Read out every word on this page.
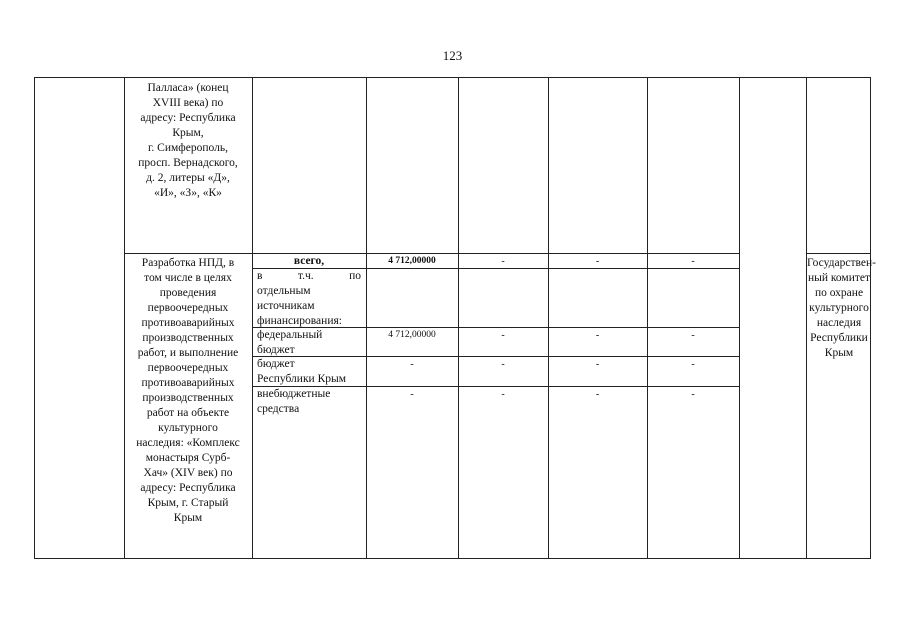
123
Палласа» (конец
XVIII века) по
адресу: Республика
Крым,
г. Симферополь,
просп. Вернадского,
д. 2, литеры «Д»,
«И», «З», «К»
Разработка НПД, в
том числе в целях
проведения
первоочередных
противоаварийных
производственных
работ, и выполнение
первоочередных
противоаварийных
производственных
работ на объекте
культурного
наследия: «Комплекс
монастыря Сурб-
Хач» (XIV век) по
адресу: Республика
Крым, г. Старый
Крым
всего,
в	т.ч.	по
отдельным
источникам
финансирования:
федеральный
бюджет
бюджет
Республики Крым
внебюджетные
средства
4 712,00000
4 712,00000
-
-
-
-
-
-
-
-
-
-
-
-
-
-
Государствен-
ный комитет
по охране
культурного
наследия
Республики
Крым
